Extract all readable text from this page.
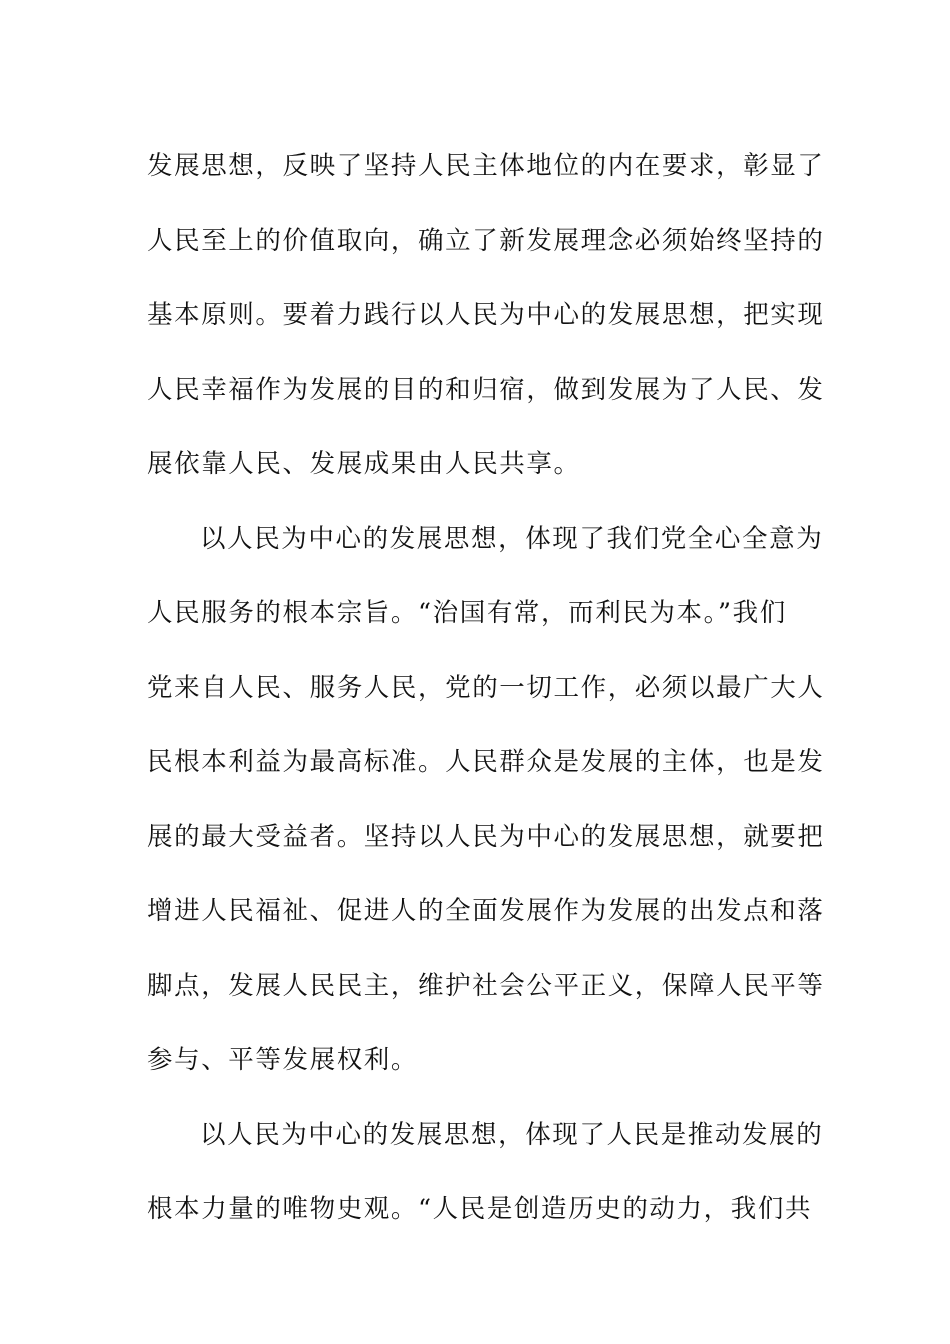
发展思想，反映了坚持人民主体地位的内在要求，彰显了
人民至上的价值取向，确立了新发展理念必须始终坚持的
基本原则。要着力践行以人民为中心的发展思想，把实现
人民幸福作为发展的目的和归宿，做到发展为了人民、发
展依靠人民、发展成果由人民共享。
以人民为中心的发展思想，体现了我们党全心全意为
人民服务的根本宗旨。“治国有常，而利民为本。”我们
党来自人民、服务人民，党的一切工作，必须以最广大人
民根本利益为最高标准。人民群众是发展的主体，也是发
展的最大受益者。坚持以人民为中心的发展思想，就要把
增进人民福祉、促进人的全面发展作为发展的出发点和落
脚点，发展人民民主，维护社会公平正义，保障人民平等
参与、平等发展权利。
以人民为中心的发展思想，体现了人民是推动发展的
根本力量的唯物史观。“人民是创造历史的动力，我们共
